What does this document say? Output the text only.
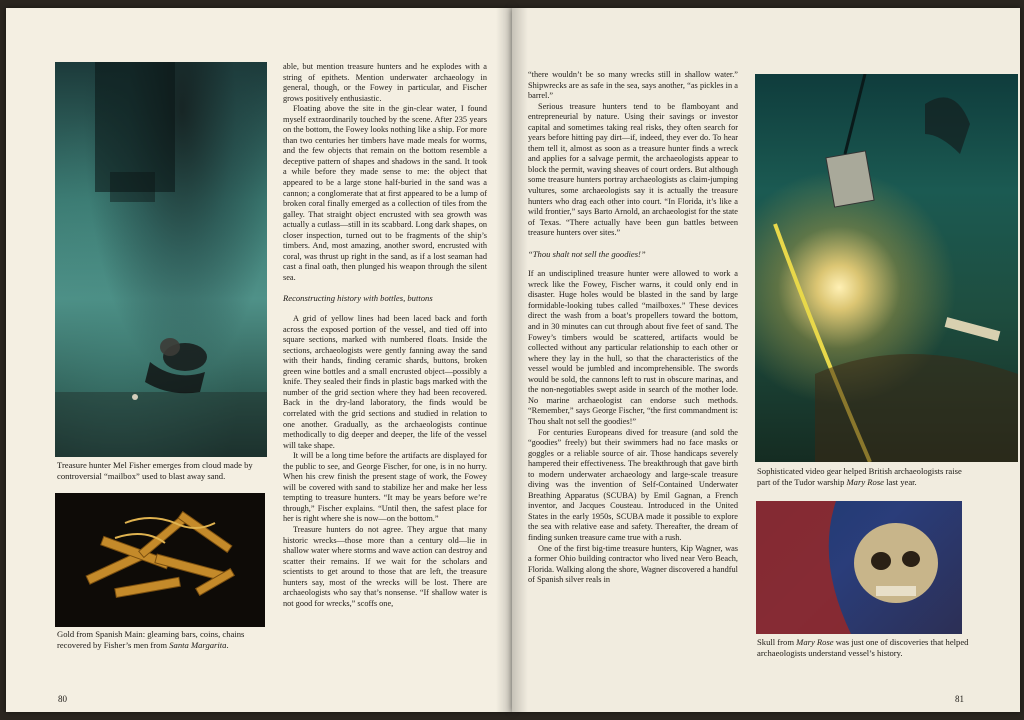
Treasure hunter Mel Fisher emerges from cloud made by controversial “mailbox” used to blast away sand.
Gold from Spanish Main: gleaming bars, coins, chains recovered by Fisher’s men from Santa Margarita.

able, but mention treasure hunters and he explodes with a string of epithets. Mention underwater archaeology in general, though, or the Fowey in particular, and Fischer grows positively enthusiastic.

Floating above the site in the gin-clear water, I found myself extraordinarily touched by the scene. After 235 years on the bottom, the Fowey looks nothing like a ship. For more than two centuries her timbers have made meals for worms, and the few objects that remain on the bottom resemble a deceptive pattern of shapes and shadows in the sand. It took a while before they made sense to me: the object that appeared to be a large stone half-buried in the sand was a cannon; a conglomerate that at first appeared to be a lump of broken coral finally emerged as a collection of tiles from the galley. That straight object encrusted with sea growth was actually a cutlass—still in its scabbard. Long dark shapes, on closer inspection, turned out to be fragments of the ship’s timbers. And, most amazing, another sword, encrusted with coral, was thrust up right in the sand, as if a lost seaman had cast a final oath, then plunged his weapon through the silent sea.

Reconstructing history with bottles, buttons

A grid of yellow lines had been laced back and forth across the exposed portion of the vessel, and tied off into square sections, marked with numbered floats. Inside the sections, archaeologists were gently fanning away the sand with their hands, finding ceramic shards, buttons, broken green wine bottles and a small encrusted object—possibly a knife. They sealed their finds in plastic bags marked with the number of the grid section where they had been recovered. Back in the dry-land laboratory, the finds would be correlated with the grid sections and studied in relation to one another. Gradually, as the archaeologists continue methodically to dig deeper and deeper, the life of the vessel will take shape.

It will be a long time before the artifacts are displayed for the public to see, and George Fischer, for one, is in no hurry. When his crew finish the present stage of work, the Fowey will be covered with sand to stabilize her and make her less tempting to treasure hunters. “It may be years before we’re through,” Fischer explains. “Until then, the safest place for her is right where she is now—on the bottom.”

Treasure hunters do not agree. They argue that many historic wrecks—those more than a century old—lie in shallow water where storms and wave action can destroy and scatter their remains. If we wait for the scholars and scientists to get around to those that are left, the treasure hunters say, most of the wrecks will be lost. There are archaeologists who say that’s nonsense. “If shallow water is not good for wrecks,” scoffs one,

80

“there wouldn’t be so many wrecks still in shallow water.” Shipwrecks are as safe in the sea, says another, “as pickles in a barrel.”

Serious treasure hunters tend to be flamboyant and entrepreneurial by nature. Using their savings or investor capital and sometimes taking real risks, they often search for years before hitting pay dirt—if, indeed, they ever do. To hear them tell it, almost as soon as a treasure hunter finds a wreck and applies for a salvage permit, the archaeologists appear to block the permit, waving sheaves of court orders. But although some treasure hunters portray archaeologists as claim-jumping vultures, some archaeologists say it is actually the treasure hunters who drag each other into court. “In Florida, it’s like a wild frontier,” says Barto Arnold, an archaeologist for the state of Texas. “There actually have been gun battles between treasure hunters over sites.”

“Thou shalt not sell the goodies!”

If an undisciplined treasure hunter were allowed to work a wreck like the Fowey, Fischer warns, it could only end in disaster. Huge holes would be blasted in the sand by large formidable-looking tubes called “mailboxes.” These devices direct the wash from a boat’s propellers toward the bottom, and in 30 minutes can cut through about five feet of sand. The Fowey’s timbers would be scattered, artifacts would be collected without any particular relationship to each other or where they lay in the hull, so that the characteristics of the vessel would be jumbled and incomprehensible. The swords would be sold, the cannons left to rust in obscure marinas, and the non-negotiables swept aside in search of the mother lode. No marine archaeologist can endorse such methods. “Remember,” says George Fischer, “the first commandment is: Thou shalt not sell the goodies!”

For centuries Europeans dived for treasure (and sold the “goodies” freely) but their swimmers had no face masks or goggles or a reliable source of air. Those handicaps severely hampered their effectiveness. The breakthrough that gave birth to modern underwater archaeology and large-scale treasure diving was the invention of Self-Contained Underwater Breathing Apparatus (SCUBA) by Emil Gagnan, a French inventor, and Jacques Cousteau. Introduced in the United States in the early 1950s, SCUBA made it possible to explore the sea with relative ease and safety. Thereafter, the dream of finding sunken treasure came true with a rush.

One of the first big-time treasure hunters, Kip Wagner, was a former Ohio building contractor who lived near Vero Beach, Florida. Walking along the shore, Wagner discovered a handful of Spanish silver reals in

Sophisticated video gear helped British archaeologists raise part of the Tudor warship Mary Rose last year.
Skull from Mary Rose was just one of discoveries that helped archaeologists understand vessel’s history.
81
